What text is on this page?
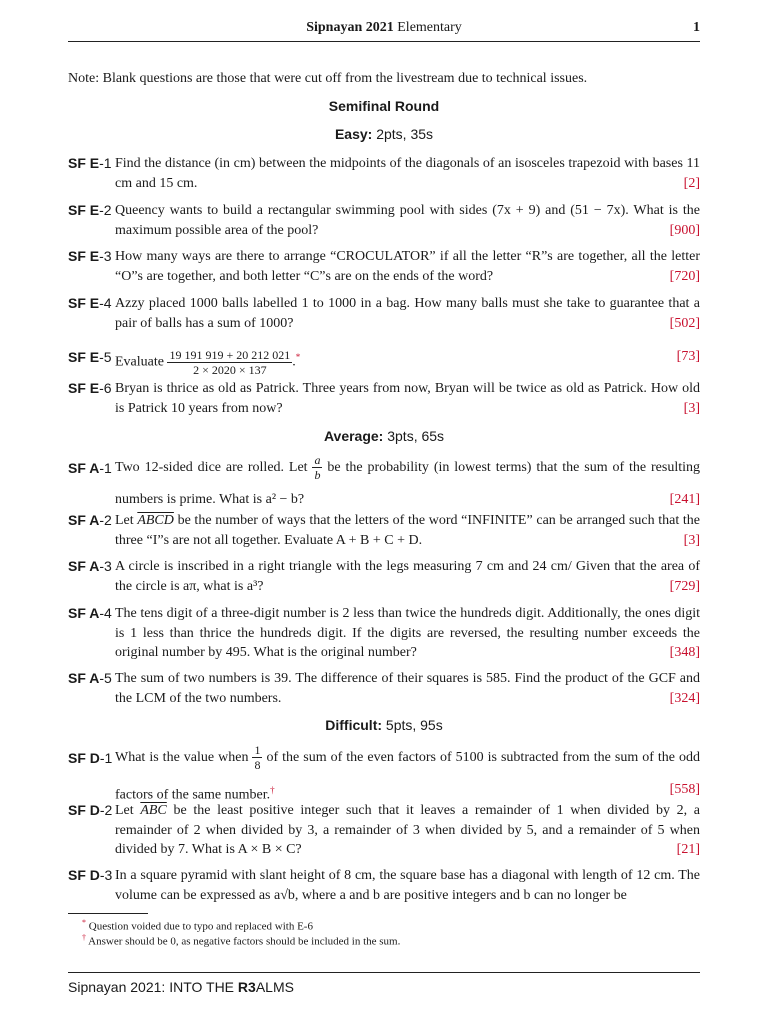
Sipnayan 2021 Elementary	1
Note: Blank questions are those that were cut off from the livestream due to technical issues.
Semifinal Round
Easy: 2pts, 35s
SF E-1 Find the distance (in cm) between the midpoints of the diagonals of an isosceles trapezoid with bases 11 cm and 15 cm.	[2]
SF E-2 Queency wants to build a rectangular swimming pool with sides (7x + 9) and (51 − 7x). What is the maximum possible area of the pool?	[900]
SF E-3 How many ways are there to arrange “CROCULATOR” if all the letter “R”s are together, all the letter “O”s are together, and both letter “C”s are on the ends of the word?	[720]
SF E-4 Azzy placed 1000 balls labelled 1 to 1000 in a bag. How many balls must she take to guarantee that a pair of balls has a sum of 1000?	[502]
SF E-5 Evaluate $\frac{19 191 919 + 20 212 021}{2 \times 2020 \times 137} .^*$	[73]
SF E-6 Bryan is thrice as old as Patrick. Three years from now, Bryan will be twice as old as Patrick. How old is Patrick 10 years from now?	[3]
Average: 3pts, 65s
SF A-1 Two 12-sided dice are rolled. Let $\frac{a}{b}$ be the probability (in lowest terms) that the sum of the resulting numbers is prime. What is a² − b?	[241]
SF A-2 Let ABCD be the number of ways that the letters of the word “INFINITE” can be arranged such that the three “I”s are not all together. Evaluate A + B + C + D.	[3]
SF A-3 A circle is inscribed in a right triangle with the legs measuring 7 cm and 24 cm/ Given that the area of the circle is aπ, what is a³?	[729]
SF A-4 The tens digit of a three-digit number is 2 less than twice the hundreds digit. Additionally, the ones digit is 1 less than thrice the hundreds digit. If the digits are reversed, the resulting number exceeds the original number by 495. What is the original number?	[348]
SF A-5 The sum of two numbers is 39. The difference of their squares is 585. Find the product of the GCF and the LCM of the two numbers.	[324]
Difficult: 5pts, 95s
SF D-1 What is the value when $\frac{1}{8}$ of the sum of the even factors of 5100 is subtracted from the sum of the odd factors of the same number.†	[558]
SF D-2 Let $\overline{ABC}$ be the least positive integer such that it leaves a remainder of 1 when divided by 2, a remainder of 2 when divided by 3, a remainder of 3 when divided by 5, and a remainder of 5 when divided by 7. What is A × B × C?	[21]
SF D-3 In a square pyramid with slant height of 8 cm, the square base has a diagonal with length of 12 cm. The volume can be expressed as a√b, where a and b are positive integers and b can no longer be
* Question voided due to typo and replaced with E-6
† Answer should be 0, as negative factors should be included in the sum.
Sipnayan 2021: INTO THE R3ALMS
